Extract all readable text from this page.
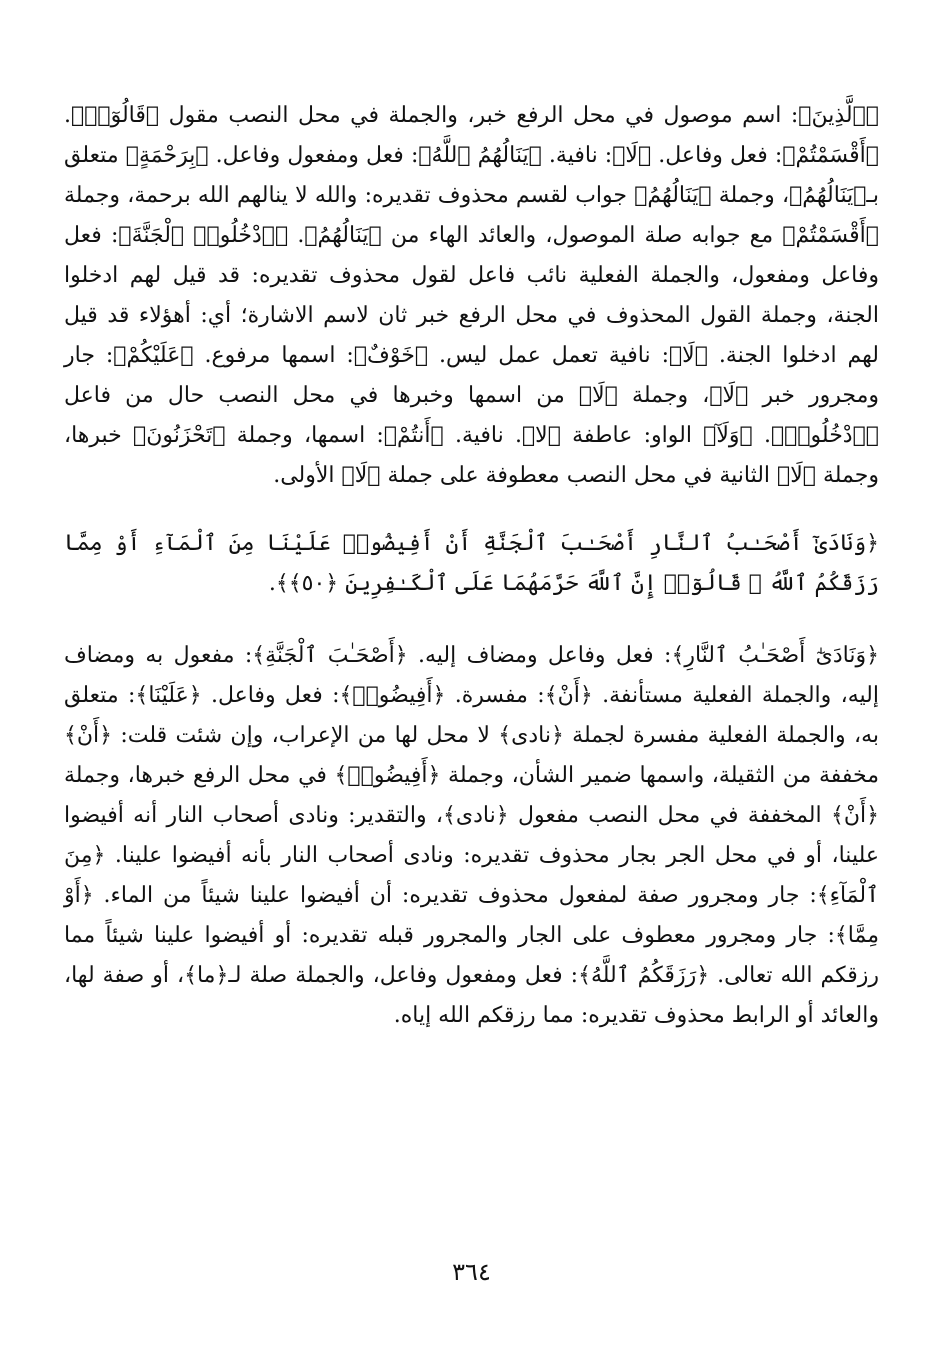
﴿ٱلَّذِينَ﴾: اسم موصول في محل الرفع خبر، والجملة في محل النصب مقول ﴿قَالُوٓا۟﴾. ﴿أَقْسَمْتُمْ﴾: فعل وفاعل. ﴿لَا﴾: نافية. ﴿يَنَالُهُمُ ٱللَّهُ﴾: فعل ومفعول وفاعل. ﴿بِرَحْمَةٍ﴾ متعلق بـ﴿يَنَالُهُمُ﴾، وجملة ﴿يَنَالُهُمُ﴾ جواب لقسم محذوف تقديره: والله لا ينالهم الله برحمة، وجملة ﴿أَقْسَمْتُمْ﴾ مع جوابه صلة الموصول، والعائد الهاء من ﴿يَنَالُهُمُ﴾. ﴿ٱدْخُلُوا۟ ٱلْجَنَّةَ﴾: فعل وفاعل ومفعول، والجملة الفعلية نائب فاعل لقول محذوف تقديره: قد قيل لهم ادخلوا الجنة، وجملة القول المحذوف في محل الرفع خبر ثان لاسم الاشارة؛ أي: أهؤلاء قد قيل لهم ادخلوا الجنة. ﴿لَا﴾: نافية تعمل عمل ليس. ﴿خَوْفٌ﴾: اسمها مرفوع. ﴿عَلَيْكُمْ﴾: جار ومجرور خبر ﴿لَا﴾، وجملة ﴿لَا﴾ من اسمها وخبرها في محل النصب حال من فاعل ﴿ٱدْخُلُوا۟﴾. ﴿وَلَآ﴾ الواو: عاطفة ﴿لا﴾. نافية. ﴿أَنتُمْ﴾: اسمها، وجملة ﴿تَحْزَنُونَ﴾ خبرها، وجملة ﴿لَا﴾ الثانية في محل النصب معطوفة على جملة ﴿لَا﴾ الأولى.

﴿وَنَادَىٰٓ أَصْحَـٰبُ ٱلنَّارِ أَصْحَـٰبَ ٱلْجَنَّةِ أَنْ أَفِيضُوا۟ عَلَيْنَا مِنَ ٱلْمَآءِ أَوْ مِمَّا رَزَقَكُمُ ٱللَّهُ ۚ قَالُوٓا۟ إِنَّ ٱللَّهَ حَرَّمَهُمَا عَلَى ٱلْكَـٰفِرِينَ ﴿٥٠﴾﴾.

﴿وَنَادَىٰٓ أَصْحَـٰبُ ٱلنَّارِ﴾: فعل وفاعل ومضاف إليه. ﴿أَصْحَـٰبَ ٱلْجَنَّةِ﴾: مفعول به ومضاف إليه، والجملة الفعلية مستأنفة. ﴿أَنْ﴾: مفسرة. ﴿أَفِيضُوا۟﴾: فعل وفاعل. ﴿عَلَيْنَا﴾: متعلق به، والجملة الفعلية مفسرة لجملة ﴿نادى﴾ لا محل لها من الإعراب، وإن شئت قلت: ﴿أَنْ﴾ مخففة من الثقيلة، واسمها ضمير الشأن، وجملة ﴿أَفِيضُوا۟﴾ في محل الرفع خبرها، وجملة ﴿أَنْ﴾ المخففة في محل النصب مفعول ﴿نادى﴾، والتقدير: ونادى أصحاب النار أنه أفيضوا علينا، أو في محل الجر بجار محذوف تقديره: ونادى أصحاب النار بأنه أفيضوا علينا. ﴿مِنَ ٱلْمَآءِ﴾: جار ومجرور صفة لمفعول محذوف تقديره: أن أفيضوا علينا شيئاً من الماء. ﴿أَوْ مِمَّا﴾: جار ومجرور معطوف على الجار والمجرور قبله تقديره: أو أفيضوا علينا شيئاً مما رزقكم الله تعالى. ﴿رَزَقَكُمُ ٱللَّهُ﴾: فعل ومفعول وفاعل، والجملة صلة لـ﴿ما﴾، أو صفة لها، والعائد أو الرابط محذوف تقديره: مما رزقكم الله إياه.

٣٦٤
